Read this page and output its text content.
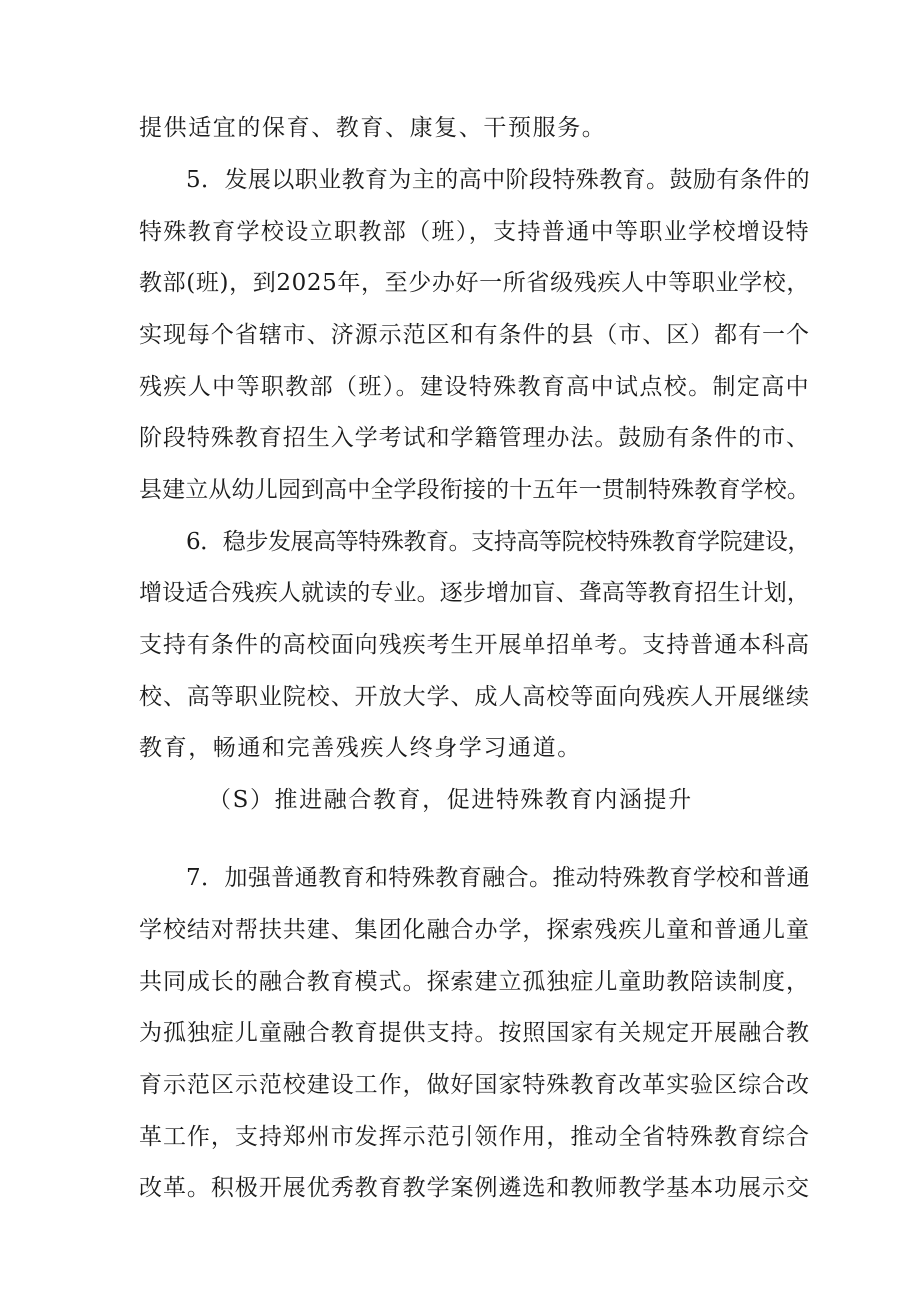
提供适宜的保育、教育、康复、干预服务。
5．发展以职业教育为主的高中阶段特殊教育。鼓励有条件的
特殊教育学校设立职教部（班），支持普通中等职业学校增设特
教部(班)，到2025年，至少办好一所省级残疾人中等职业学校，
实现每个省辖市、济源示范区和有条件的县（市、区）都有一个
残疾人中等职教部（班）。建设特殊教育高中试点校。制定高中
阶段特殊教育招生入学考试和学籍管理办法。鼓励有条件的市、
县建立从幼儿园到高中全学段衔接的十五年一贯制特殊教育学校。
6．稳步发展高等特殊教育。支持高等院校特殊教育学院建设，
增设适合残疾人就读的专业。逐步增加盲、聋高等教育招生计划，
支持有条件的高校面向残疾考生开展单招单考。支持普通本科高
校、高等职业院校、开放大学、成人高校等面向残疾人开展继续
教育，畅通和完善残疾人终身学习通道。
（S）推进融合教育，促进特殊教育内涵提升
7．加强普通教育和特殊教育融合。推动特殊教育学校和普通
学校结对帮扶共建、集团化融合办学，探索残疾儿童和普通儿童
共同成长的融合教育模式。探索建立孤独症儿童助教陪读制度，
为孤独症儿童融合教育提供支持。按照国家有关规定开展融合教
育示范区示范校建设工作，做好国家特殊教育改革实验区综合改
革工作，支持郑州市发挥示范引领作用，推动全省特殊教育综合
改革。积极开展优秀教育教学案例遴选和教师教学基本功展示交
